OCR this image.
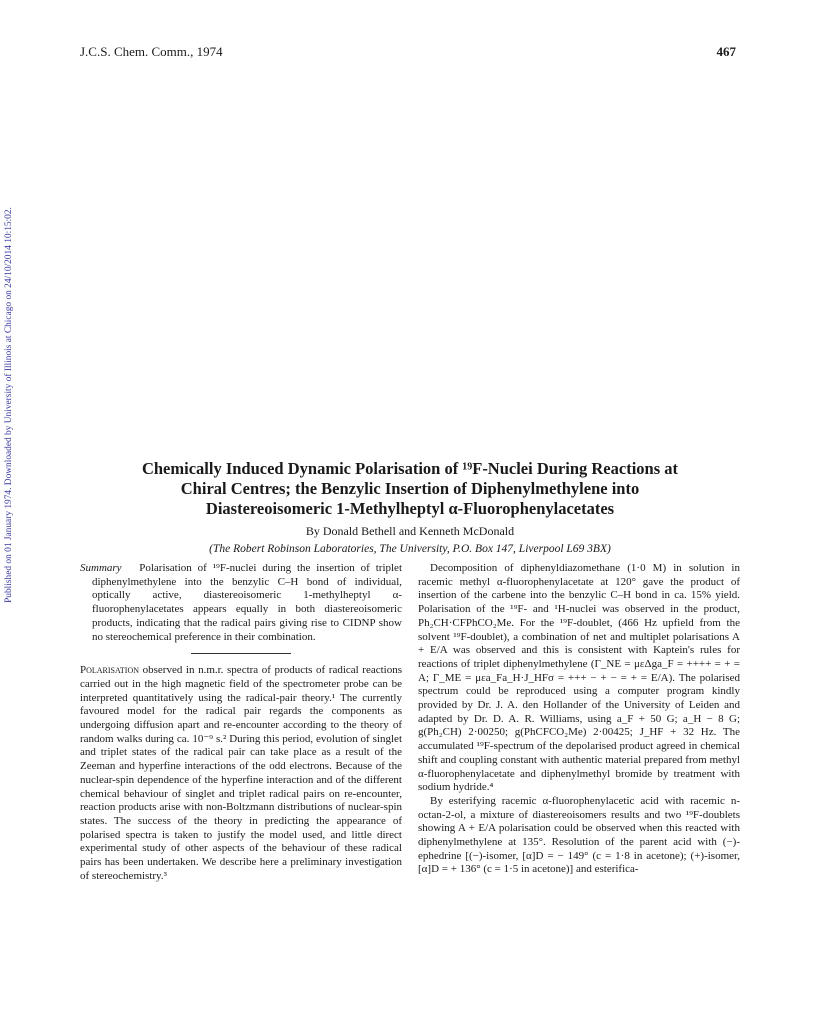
J.C.S. Chem. Comm., 1974	467
Published on 01 January 1974. Downloaded by University of Illinois at Chicago on 24/10/2014 10:15:02.	Chemically Induced Dynamic Polarisation of ¹⁹F-Nuclei During Reactions at
Chiral Centres; the Benzylic Insertion of Diphenylmethylene into
Diastereoisomeric 1-Methylheptyl α-Fluorophenylacetates
By Donald Bethell and Kenneth McDonald
(The Robert Robinson Laboratories, The University, P.O. Box 147, Liverpool L69 3BX)

Summary Polarisation of ¹⁹F-nuclei during the insertion of triplet diphenylmethylene into the benzylic C–H bond of individual, optically active, diastereoisomeric 1-methylheptyl α-fluorophenylacetates appears equally in both diastereoisomeric products, indicating that the radical pairs giving rise to CIDNP show no stereochemical preference in their combination.

Polarisation observed in n.m.r. spectra of products of radical reactions carried out in the high magnetic field of the spectrometer probe can be interpreted quantitatively using the radical-pair theory.¹ The currently favoured model for the radical pair regards the components as undergoing diffusion apart and re-encounter according to the theory of random walks during ca. 10⁻⁹ s.² During this period, evolution of singlet and triplet states of the radical pair can take place as a result of the Zeeman and hyperfine interactions of the odd electrons. Because of the nuclear-spin dependence of the hyperfine interaction and of the different chemical behaviour of singlet and triplet radical pairs on re-encounter, reaction products arise with non-Boltzmann distributions of nuclear-spin states. The success of the theory in predicting the appearance of polarised spectra is taken to justify the model used, and little direct experimental study of other aspects of the behaviour of these radical pairs has been undertaken. We describe here a preliminary investigation of stereochemistry.³

Decomposition of diphenyldiazomethane (1·0 M) in solution in racemic methyl α-fluorophenylacetate at 120° gave the product of insertion of the carbene into the benzylic C–H bond in ca. 15% yield. Polarisation of the ¹⁹F- and ¹H-nuclei was observed in the product, Ph₂CH·CFPhCO₂Me. For the ¹⁹F-doublet, (466 Hz upfield from the solvent ¹⁹F-doublet), a combination of net and multiplet polarisations A + E/A was observed and this is consistent with Kaptein's rules for reactions of triplet diphenylmethylene (Γ_NE = μεΔga_F = ++++ = + = A; Γ_ME = μεa_Fa_H·J_HFσ = +++ − + − = + = E/A). The polarised spectrum could be reproduced using a computer program kindly provided by Dr. J. A. den Hollander of the University of Leiden and adapted by Dr. D. A. R. Williams, using a_F + 50 G; a_H − 8 G; g(Ph₂CH) 2·00250; g(PhCFCO₂Me) 2·00425; J_HF + 32 Hz. The accumulated ¹⁹F-spectrum of the depolarised product agreed in chemical shift and coupling constant with authentic material prepared from methyl α-fluorophenylacetate and diphenylmethyl bromide by treatment with sodium hydride.⁴

By esterifying racemic α-fluorophenylacetic acid with racemic n-octan-2-ol, a mixture of diastereoisomers results and two ¹⁹F-doublets showing A + E/A polarisation could be observed when this reacted with diphenylmethylene at 135°. Resolution of the parent acid with (−)-ephedrine [(−)-isomer, [α]D = − 149° (c = 1·8 in acetone); (+)-isomer, [α]D = + 136° (c = 1·5 in acetone)] and esterifica-
